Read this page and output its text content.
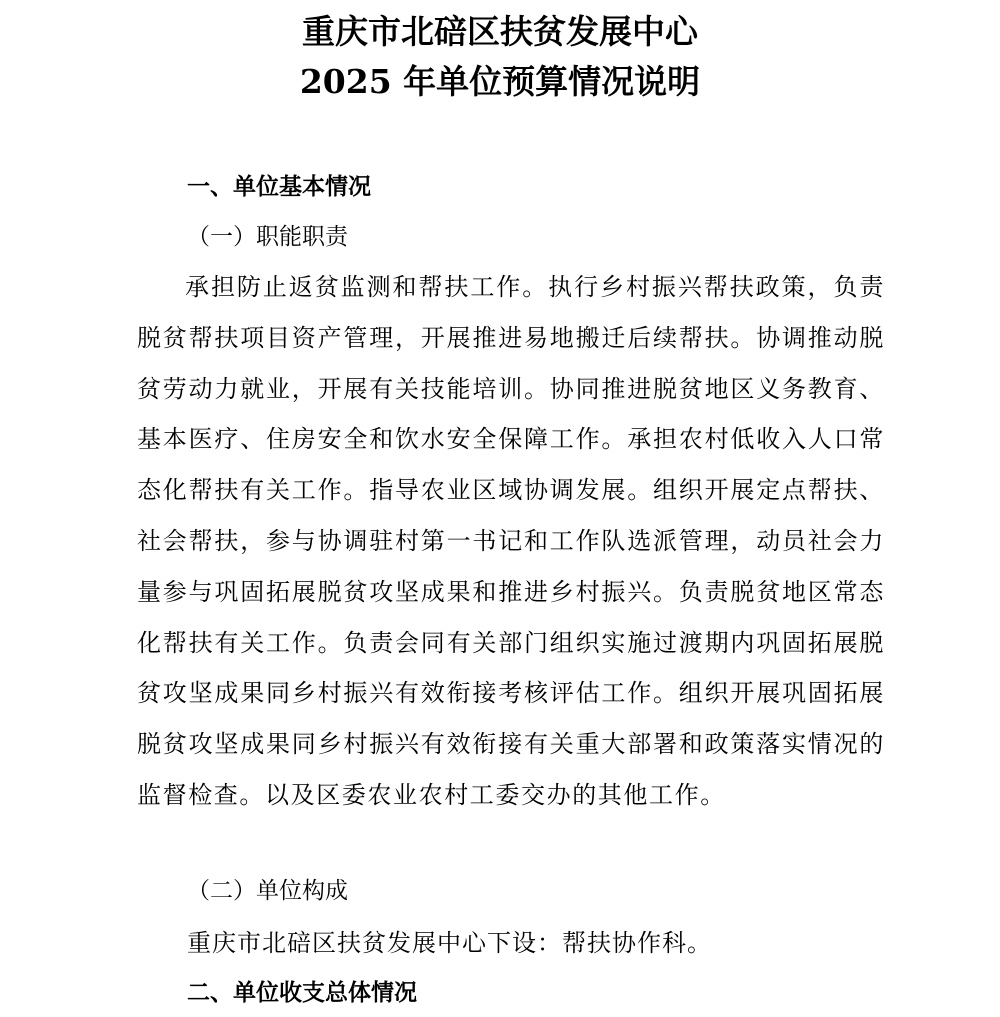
重庆市北碚区扶贫发展中心
2025 年单位预算情况说明
一、单位基本情况
（一）职能职责
承担防止返贫监测和帮扶工作。执行乡村振兴帮扶政策，负责脱贫帮扶项目资产管理，开展推进易地搬迁后续帮扶。协调推动脱贫劳动力就业，开展有关技能培训。协同推进脱贫地区义务教育、基本医疗、住房安全和饮水安全保障工作。承担农村低收入人口常态化帮扶有关工作。指导农业区域协调发展。组织开展定点帮扶、社会帮扶，参与协调驻村第一书记和工作队选派管理，动员社会力量参与巩固拓展脱贫攻坚成果和推进乡村振兴。负责脱贫地区常态化帮扶有关工作。负责会同有关部门组织实施过渡期内巩固拓展脱贫攻坚成果同乡村振兴有效衔接考核评估工作。组织开展巩固拓展脱贫攻坚成果同乡村振兴有效衔接有关重大部署和政策落实情况的监督检查。以及区委农业农村工委交办的其他工作。
（二）单位构成
重庆市北碚区扶贫发展中心下设：帮扶协作科。
二、单位收支总体情况
